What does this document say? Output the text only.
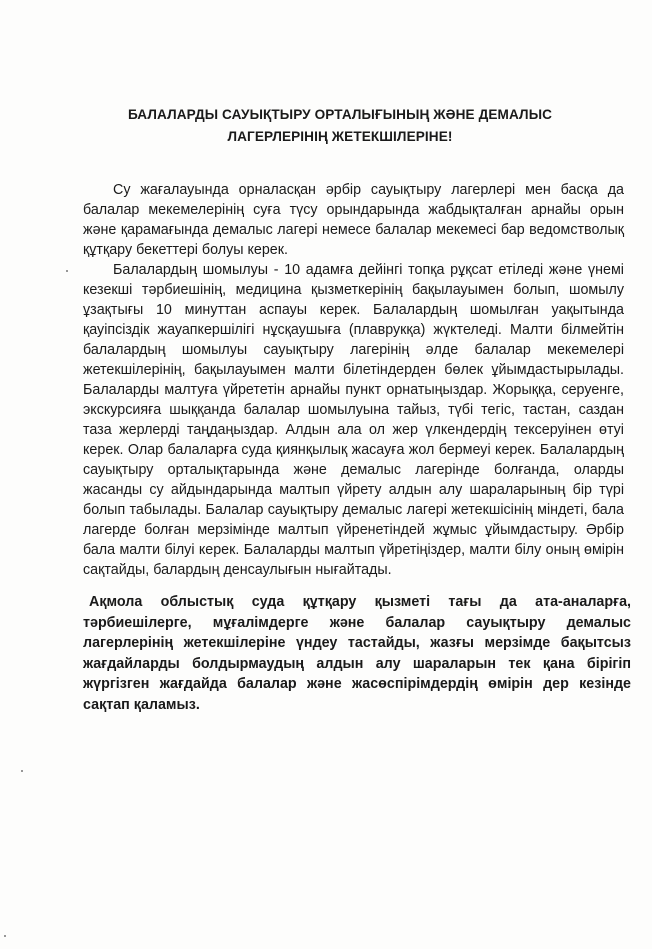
БАЛАЛАРДЫ САУЫҚТЫРУ ОРТАЛЫҒЫНЫҢ ЖӘНЕ ДЕМАЛЫС
ЛАГЕРЛЕРІНІҢ ЖЕТЕКШІЛЕРІНЕ!

Су жағалауында орналасқан әрбір сауықтыру лагерлері мен басқа да балалар мекемелерінің суға түсу орындарында жабдықталған арнайы орын және қарамағында демалыс лагері немесе балалар мекемесі бар ведомстволық құтқару бекеттері болуы керек.

Балалардың шомылуы - 10 адамға дейінгі топқа рұқсат етіледі және үнемі кезекші тәрбиешінің, медицина қызметкерінің бақылауымен болып, шомылу ұзақтығы 10 минуттан аспауы керек. Балалардың шомылған уақытында қауіпсіздік жауапкершілігі нұсқаушыға (плаврукқа) жүктеледі. Малти білмейтін балалардың шомылуы сауықтыру лагерінің әлде балалар мекемелері жетекшілерінің, бақылауымен малти білетіндерден бөлек ұйымдастырылады. Балаларды малтуға үйрететін арнайы пункт орнатыңыздар. Жорыққа, серуенге, экскурсияға шыққанда балалар шомылуына тайыз, түбі тегіс, тастан, саздан таза жерлерді таңдаңыздар. Алдын ала ол жер үлкендердің тексеруінен өтуі керек. Олар балаларға суда қиянқылық жасауға жол бермеуі керек. Балалардың сауықтыру орталықтарында және демалыс лагерінде болғанда, оларды жасанды су айдындарында малтып үйрету алдын алу шараларының бір түрі болып табылады. Балалар сауықтыру демалыс лагері жетекшісінің міндеті, бала лагерде болған мерзімінде малтып үйренетіндей жұмыс ұйымдастыру. Әрбір бала малти білуі керек. Балаларды малтып үйретіңіздер, малти білу оның өмірін сақтайды, балардың денсаулығын нығайтады.

Ақмола облыстық суда құтқару қызметі тағы да ата-аналарға, тәрбиешілерге, мұғалімдерге және балалар сауықтыру демалыс лагерлерінің жетекшілеріне үндеу тастайды, жазғы мерзімде бақытсыз жағдайларды болдырмаудың алдын алу шараларын тек қана бірігіп жүргізген жағдайда балалар және жасөспірімдердің өмірін дер кезінде сақтап қаламыз.
